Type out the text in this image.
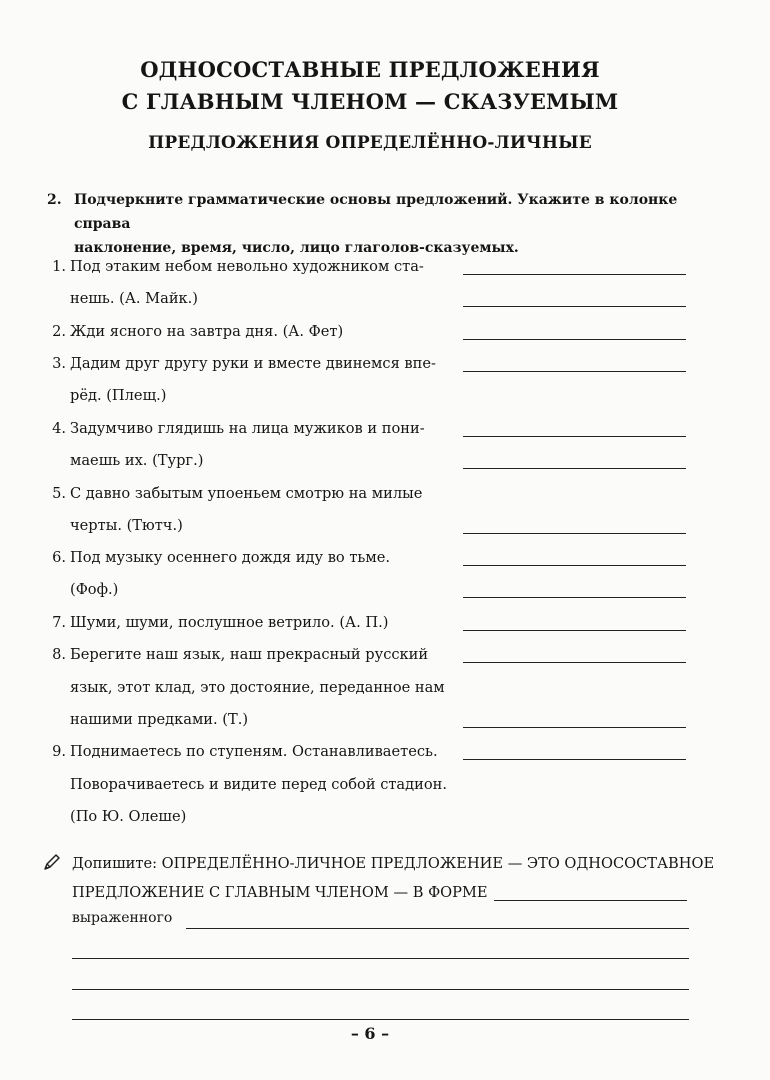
ОДНОСОСТАВНЫЕ ПРЕДЛОЖЕНИЯ
С ГЛАВНЫМ ЧЛЕНОМ — СКАЗУЕМЫМ
ПРЕДЛОЖЕНИЯ ОПРЕДЕЛЁННО-ЛИЧНЫЕ
2. Подчеркните грамматические основы предложений. Укажите в колонке справа
наклонение, время, число, лицо глаголов-сказуемых.
1. Под этаким небом невольно художником ста-
нешь. (А. Майк.)
2. Жди ясного на завтра дня. (А. Фет)
3. Дадим друг другу руки и вместе двинемся впе-
рёд. (Плещ.)
4. Задумчиво глядишь на лица мужиков и пони-
маешь их. (Тург.)
5. С давно забытым упоеньем смотрю на милые
черты. (Тютч.)
6. Под музыку осеннего дождя иду во тьме.
(Фоф.)
7. Шуми, шуми, послушное ветрило. (А. П.)
8. Берегите наш язык, наш прекрасный русский
язык, этот клад, это достояние, переданное нам
нашими предками. (Т.)
9. Поднимаетесь по ступеням. Останавливаетесь.
Поворачиваетесь и видите перед собой стадион.
(По Ю. Олеше)
Допишите: ОПРЕДЕЛЁННО-ЛИЧНОЕ ПРЕДЛОЖЕНИЕ — ЭТО ОДНОСОСТАВНОЕ
ПРЕДЛОЖЕНИЕ С ГЛАВНЫМ ЧЛЕНОМ — В ФОРМЕ
выраженного
– 6 –
